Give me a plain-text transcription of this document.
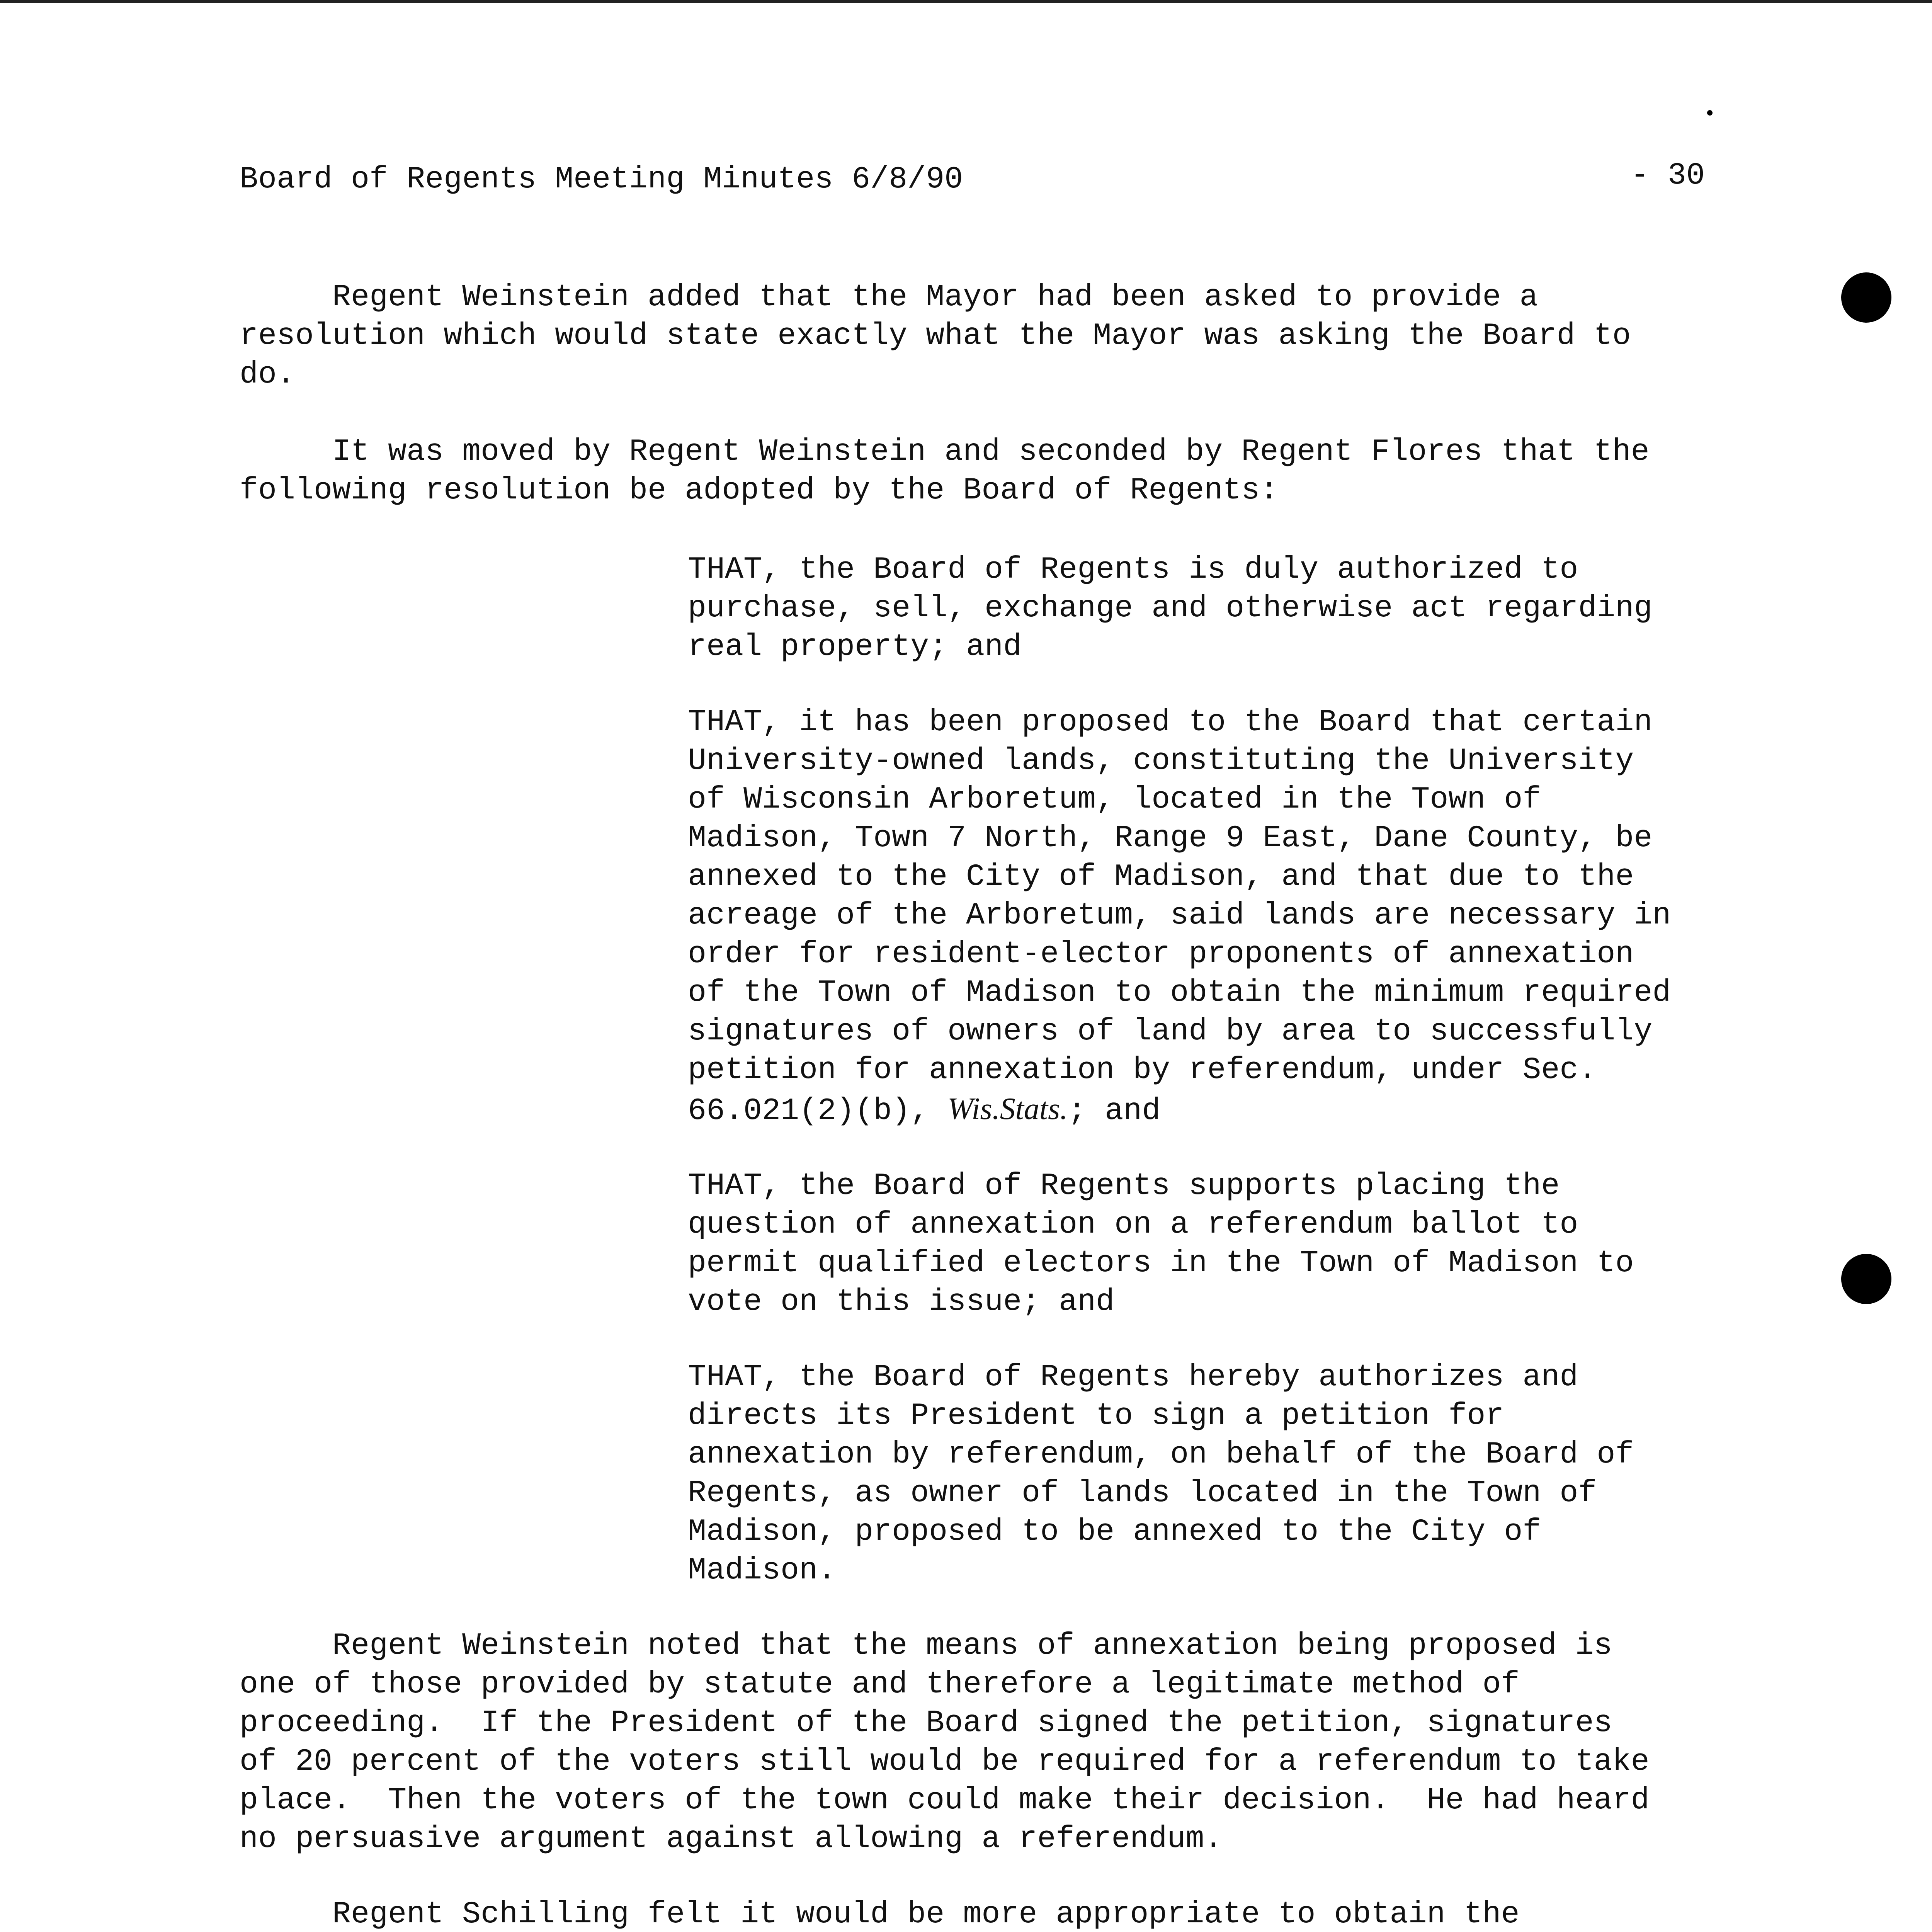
Board of Regents Meeting Minutes 6/8/90	- 30

Regent Weinstein added that the Mayor had been asked to provide a
resolution which would state exactly what the Mayor was asking the Board to
do.

It was moved by Regent Weinstein and seconded by Regent Flores that the
following resolution be adopted by the Board of Regents:

THAT, the Board of Regents is duly authorized to
purchase, sell, exchange and otherwise act regarding
real property; and

THAT, it has been proposed to the Board that certain
University-owned lands, constituting the University
of Wisconsin Arboretum, located in the Town of
Madison, Town 7 North, Range 9 East, Dane County, be
annexed to the City of Madison, and that due to the
acreage of the Arboretum, said lands are necessary in
order for resident-elector proponents of annexation
of the Town of Madison to obtain the minimum required
signatures of owners of land by area to successfully
petition for annexation by referendum, under Sec.
66.021(2)(b), Wis.Stats.; and

THAT, the Board of Regents supports placing the
question of annexation on a referendum ballot to
permit qualified electors in the Town of Madison to
vote on this issue; and

THAT, the Board of Regents hereby authorizes and
directs its President to sign a petition for
annexation by referendum, on behalf of the Board of
Regents, as owner of lands located in the Town of
Madison, proposed to be annexed to the City of
Madison.

Regent Weinstein noted that the means of annexation being proposed is
one of those provided by statute and therefore a legitimate method of
proceeding.  If the President of the Board signed the petition, signatures
of 20 percent of the voters still would be required for a referendum to take
place.  Then the voters of the town could make their decision.  He had heard
no persuasive argument against allowing a referendum.

Regent Schilling felt it would be more appropriate to obtain the
